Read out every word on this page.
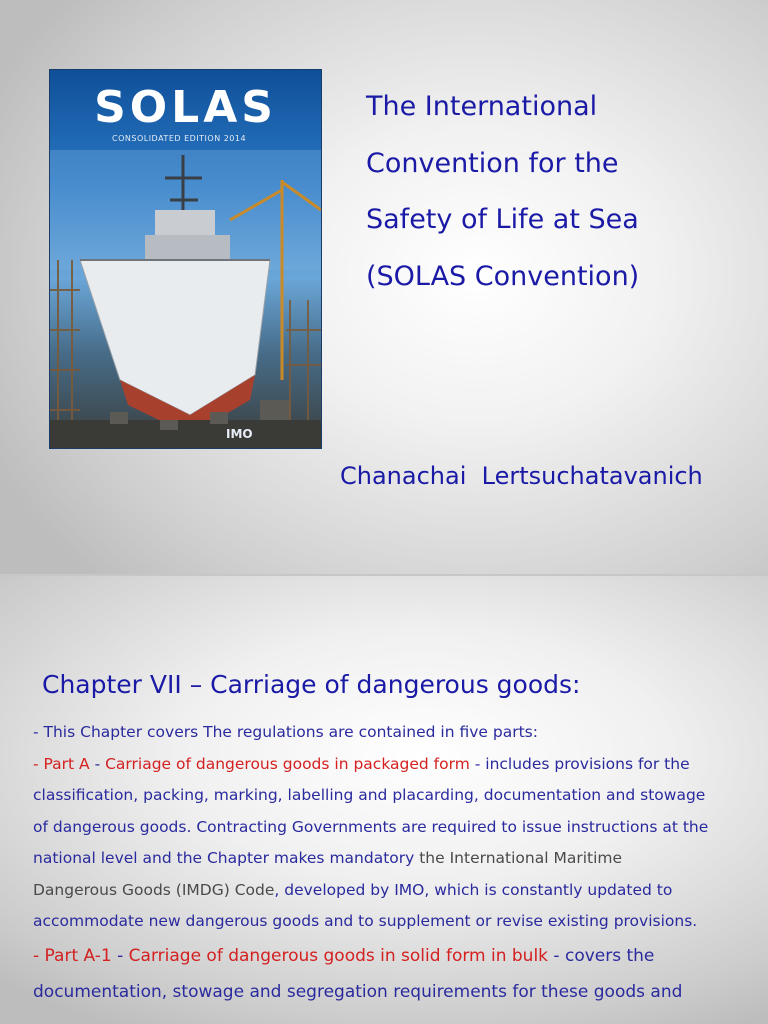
SOLAS
CONSOLIDATED EDITION 2014
IMO
The International
Convention for the
Safety of Life at Sea
(SOLAS Convention)
Chanachai  Lertsuchatavanich
Chapter VII – Carriage of dangerous goods:
- This Chapter covers The regulations are contained in five parts:
- Part A - Carriage of dangerous goods in packaged form - includes provisions for the
classification, packing, marking, labelling and placarding, documentation and stowage
of dangerous goods. Contracting Governments are required to issue instructions at the
national level and the Chapter makes mandatory the International Maritime
Dangerous Goods (IMDG) Code, developed by IMO, which is constantly updated to
accommodate new dangerous goods and to supplement or revise existing provisions.
- Part A-1 - Carriage of dangerous goods in solid form in bulk - covers the
documentation, stowage and segregation requirements for these goods and
